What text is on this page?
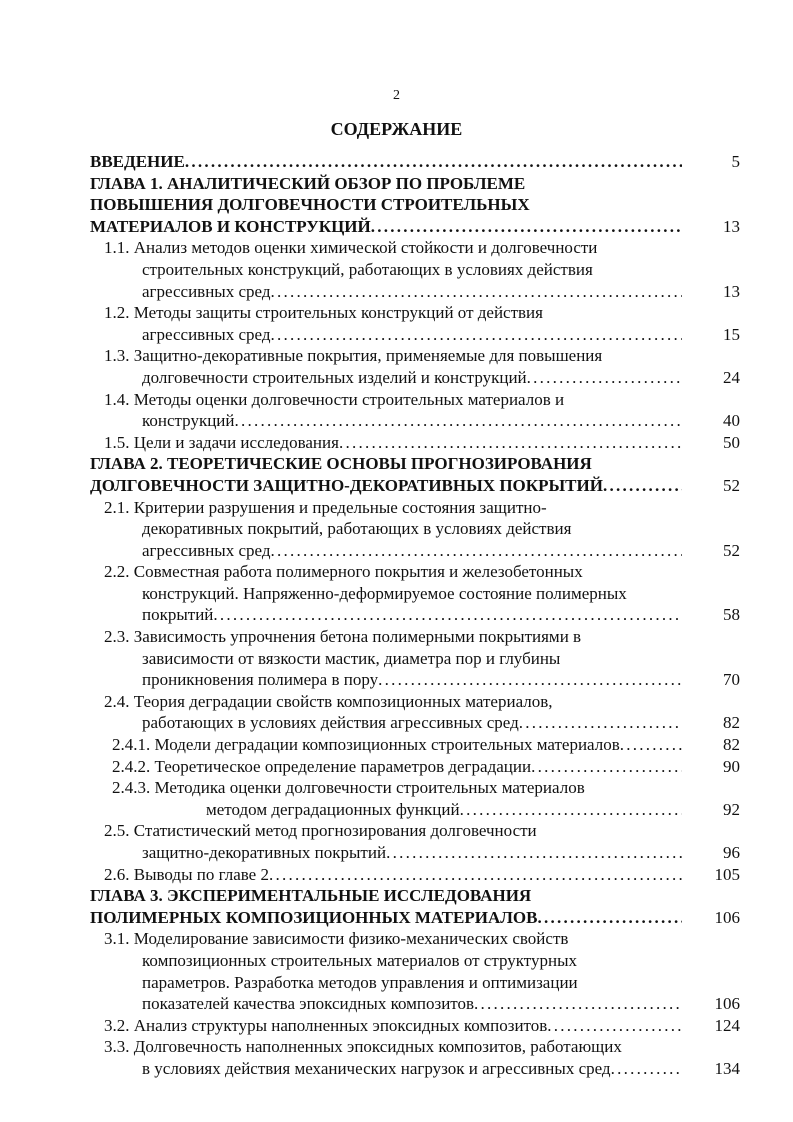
2
СОДЕРЖАНИЕ
ВВЕДЕНИЕ . . .	5
ГЛАВА 1. АНАЛИТИЧЕСКИЙ ОБЗОР ПО ПРОБЛЕМЕ
ПОВЫШЕНИЯ ДОЛГОВЕЧНОСТИ СТРОИТЕЛЬНЫХ
МАТЕРИАЛОВ И КОНСТРУКЦИЙ . . .	13
1.1. Анализ методов оценки химической стойкости и долговечности
строительных конструкций, работающих в условиях действия
агрессивных сред . . .	13
1.2. Методы защиты строительных конструкций от действия
агрессивных сред . . .	15
1.3. Защитно-декоративные покрытия, применяемые для повышения
долговечности строительных изделий и конструкций . . .	24
1.4. Методы оценки долговечности строительных материалов и
конструкций . . .	40
1.5. Цели и задачи исследования . . .	50
ГЛАВА 2. ТЕОРЕТИЧЕСКИЕ ОСНОВЫ ПРОГНОЗИРОВАНИЯ
ДОЛГОВЕЧНОСТИ ЗАЩИТНО-ДЕКОРАТИВНЫХ ПОКРЫТИЙ . . .	52
2.1. Критерии разрушения и предельные состояния защитно-
декоративных покрытий, работающих в условиях действия
агрессивных сред . . .	52
2.2. Совместная работа полимерного покрытия и железобетонных
конструкций. Напряженно-деформируемое состояние полимерных
покрытий . . .	58
2.3. Зависимость упрочнения бетона полимерными покрытиями в
зависимости от вязкости мастик, диаметра пор и глубины
проникновения полимера в пору . . .	70
2.4. Теория деградации свойств композиционных материалов,
работающих в условиях действия агрессивных сред . . .	82
2.4.1. Модели деградации композиционных строительных материалов . . .	82
2.4.2. Теоретическое определение параметров деградации . . .	90
2.4.3. Методика оценки долговечности строительных материалов
методом деградационных функций . . .	92
2.5. Статистический метод прогнозирования долговечности
защитно-декоративных покрытий . . .	96
2.6. Выводы по главе 2 . . .	105
ГЛАВА 3. ЭКСПЕРИМЕНТАЛЬНЫЕ ИССЛЕДОВАНИЯ
ПОЛИМЕРНЫХ КОМПОЗИЦИОННЫХ МАТЕРИАЛОВ . . .	106
3.1. Моделирование зависимости физико-механических свойств
композиционных строительных материалов от структурных
параметров. Разработка методов управления и оптимизации
показателей качества эпоксидных композитов . . .	106
3.2. Анализ структуры наполненных эпоксидных композитов . . .	124
3.3. Долговечность наполненных эпоксидных композитов, работающих
в условиях действия механических нагрузок и агрессивных сред . . .	134
